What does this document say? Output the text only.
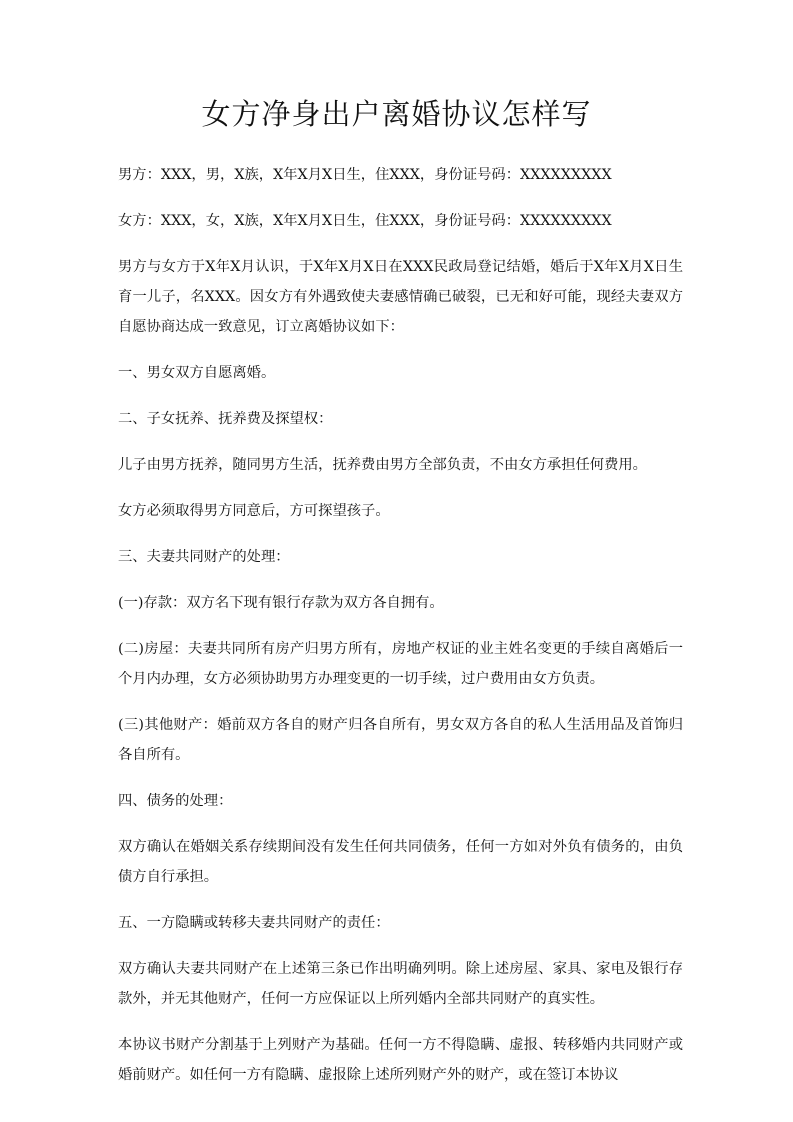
女方净身出户离婚协议怎样写

男方：XXX，男，X族，X年X月X日生，住XXX，身份证号码：XXXXXXXXX

女方：XXX，女，X族，X年X月X日生，住XXX，身份证号码：XXXXXXXXX

男方与女方于X年X月认识，于X年X月X日在XXX民政局登记结婚，婚后于X年X月X日生育一儿子，名XXX。因女方有外遇致使夫妻感情确已破裂，已无和好可能，现经夫妻双方自愿协商达成一致意见，订立离婚协议如下：

一、男女双方自愿离婚。

二、子女抚养、抚养费及探望权：

儿子由男方抚养，随同男方生活，抚养费由男方全部负责，不由女方承担任何费用。

女方必须取得男方同意后，方可探望孩子。

三、夫妻共同财产的处理：

(一)存款：双方名下现有银行存款为双方各自拥有。

(二)房屋：夫妻共同所有房产归男方所有，房地产权证的业主姓名变更的手续自离婚后一个月内办理，女方必须协助男方办理变更的一切手续，过户费用由女方负责。

(三)其他财产：婚前双方各自的财产归各自所有，男女双方各自的私人生活用品及首饰归各自所有。

四、债务的处理：

双方确认在婚姻关系存续期间没有发生任何共同债务，任何一方如对外负有债务的，由负债方自行承担。

五、一方隐瞒或转移夫妻共同财产的责任：

双方确认夫妻共同财产在上述第三条已作出明确列明。除上述房屋、家具、家电及银行存款外，并无其他财产，任何一方应保证以上所列婚内全部共同财产的真实性。

本协议书财产分割基于上列财产为基础。任何一方不得隐瞒、虚报、转移婚内共同财产或婚前财产。如任何一方有隐瞒、虚报除上述所列财产外的财产，或在签订本协议
